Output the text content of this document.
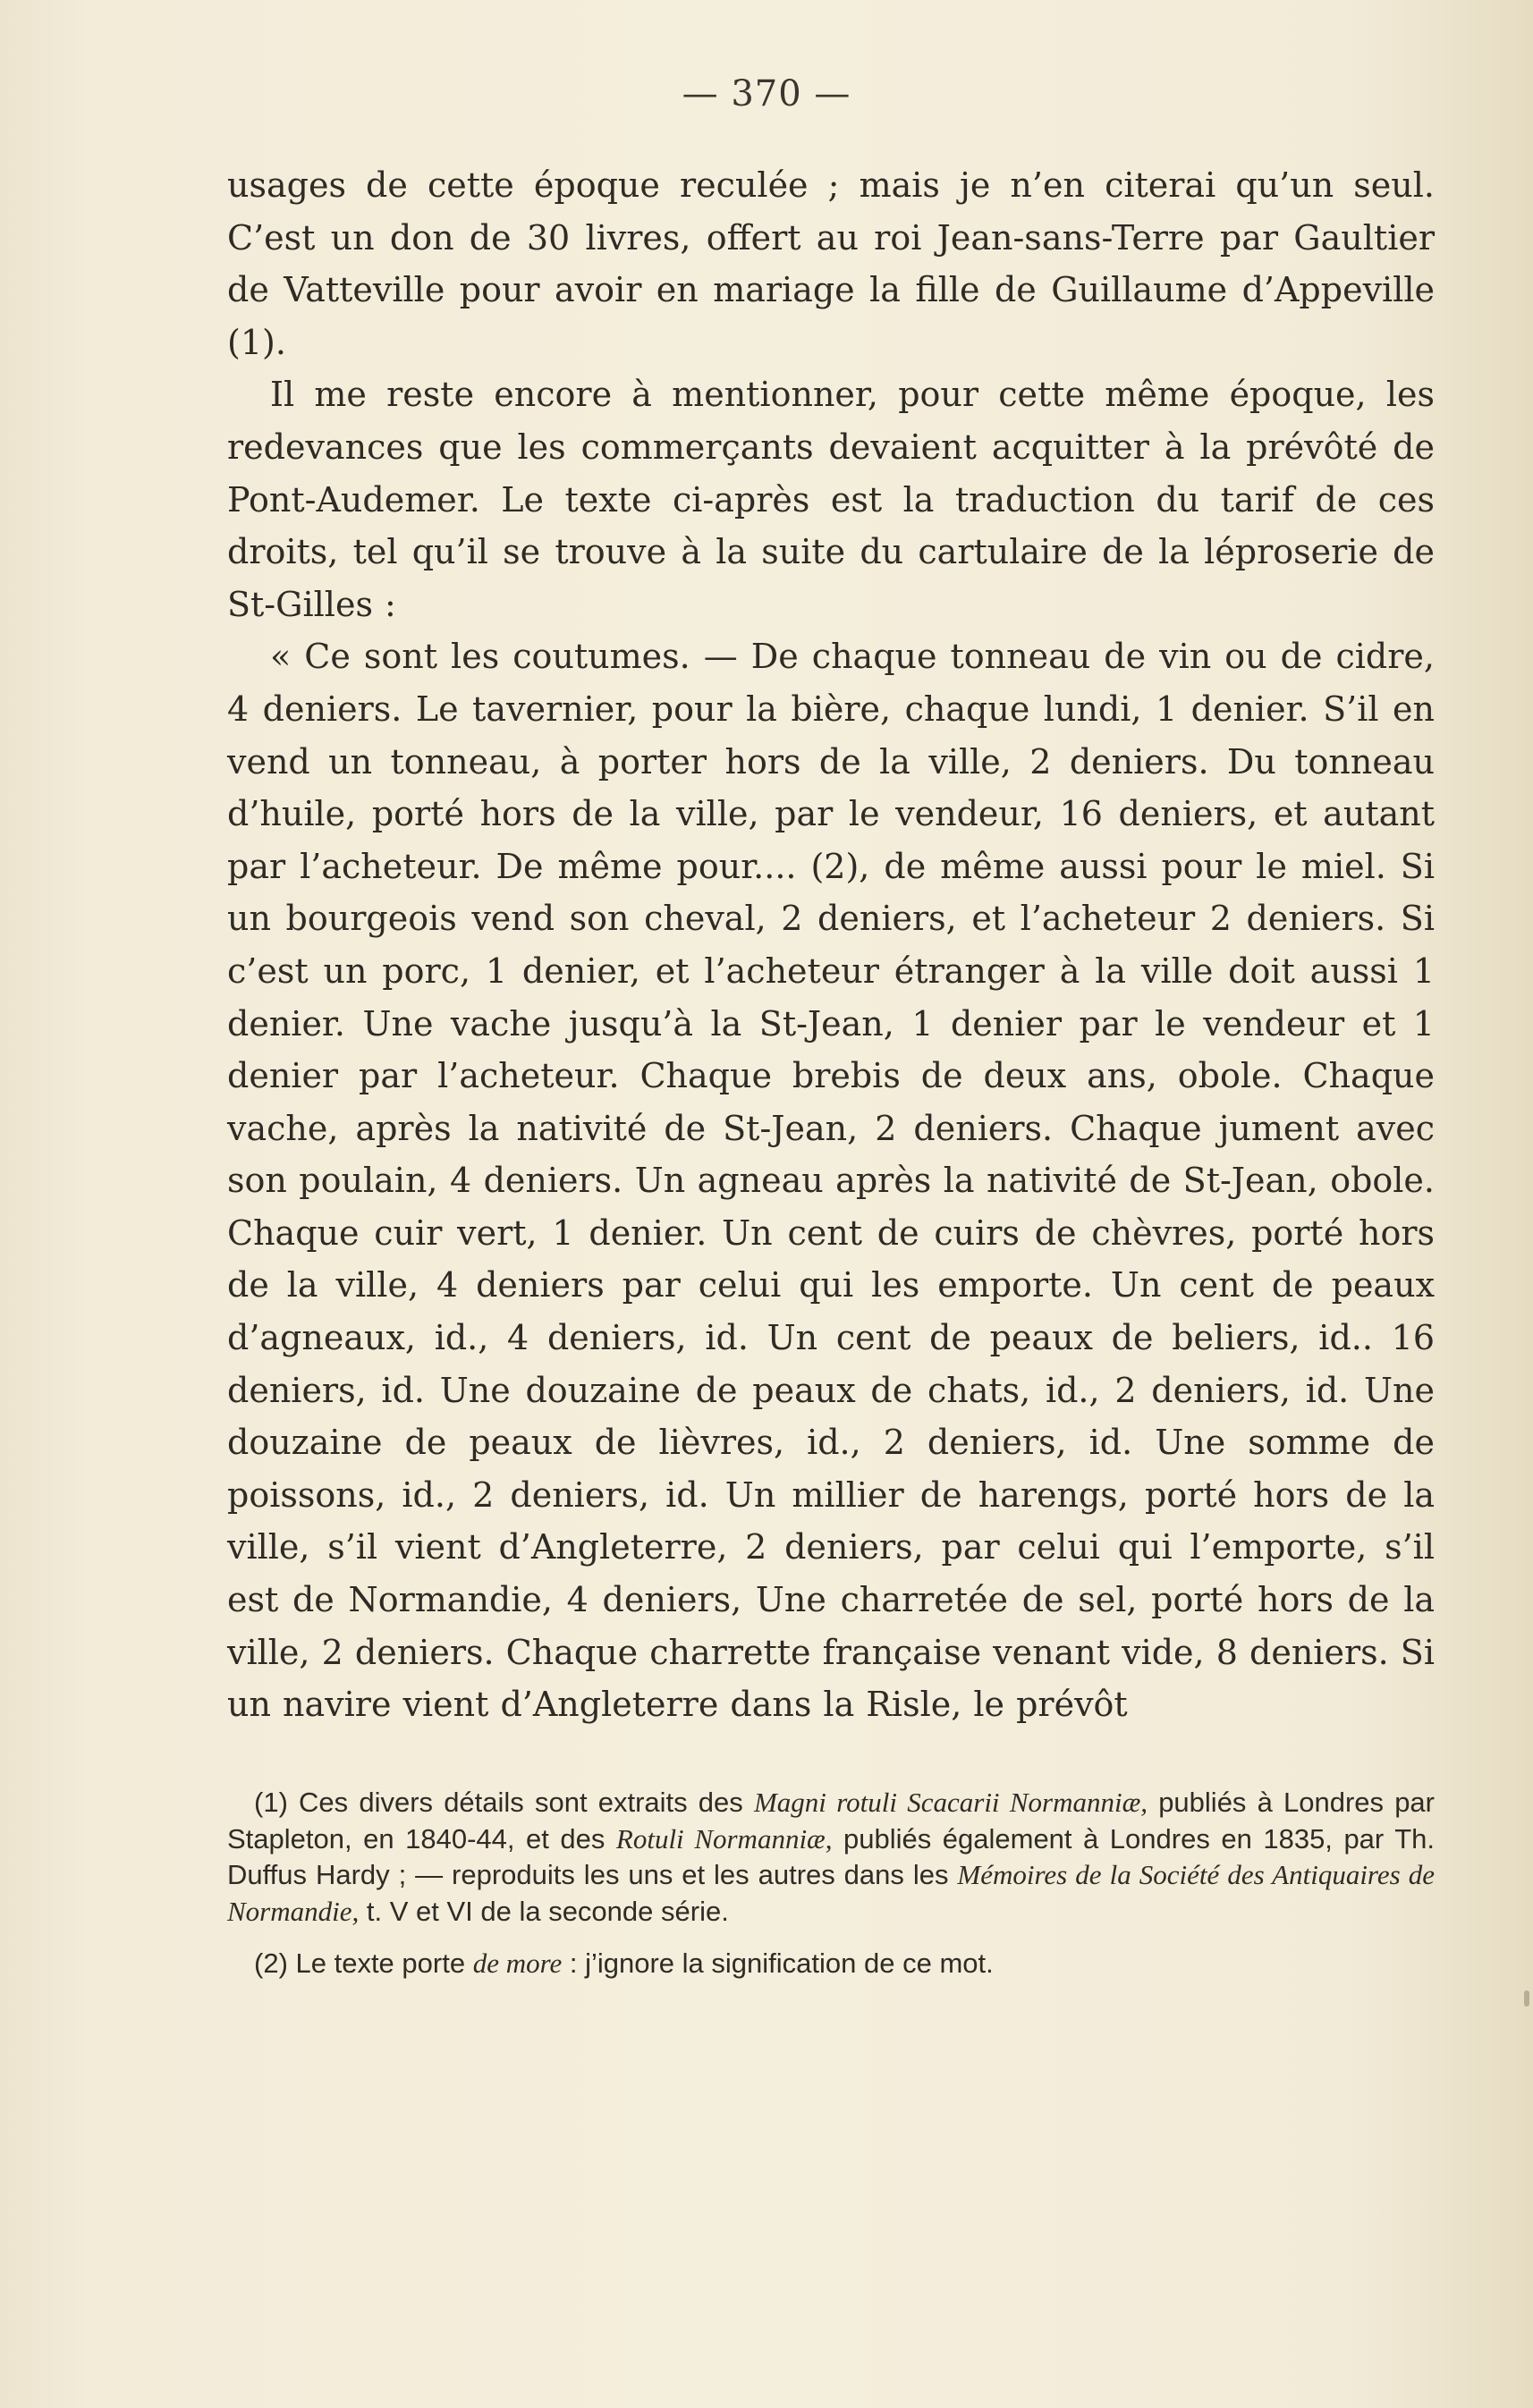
— 370 —

usages de cette époque reculée ; mais je n’en citerai qu’un seul. C’est un don de 30 livres, offert au roi Jean-sans-Terre par Gaultier de Vatteville pour avoir en mariage la fille de Guillaume d’Appeville (1).

Il me reste encore à mentionner, pour cette même époque, les redevances que les commerçants devaient acquitter à la prévôté de Pont-Audemer. Le texte ci-après est la traduction du tarif de ces droits, tel qu’il se trouve à la suite du cartulaire de la léproserie de St-Gilles :

« Ce sont les coutumes. — De chaque tonneau de vin ou de cidre, 4 deniers. Le tavernier, pour la bière, chaque lundi, 1 denier. S’il en vend un tonneau, à porter hors de la ville, 2 deniers. Du tonneau d’huile, porté hors de la ville, par le vendeur, 16 deniers, et autant par l’acheteur. De même pour.... (2), de même aussi pour le miel. Si un bourgeois vend son cheval, 2 deniers, et l’acheteur 2 deniers. Si c’est un porc, 1 denier, et l’acheteur étranger à la ville doit aussi 1 denier. Une vache jusqu’à la St-Jean, 1 denier par le vendeur et 1 denier par l’acheteur. Chaque brebis de deux ans, obole. Chaque vache, après la nativité de St-Jean, 2 deniers. Chaque jument avec son poulain, 4 deniers. Un agneau après la nativité de St-Jean, obole. Chaque cuir vert, 1 denier. Un cent de cuirs de chèvres, porté hors de la ville, 4 deniers par celui qui les emporte. Un cent de peaux d’agneaux, id., 4 deniers, id. Un cent de peaux de beliers, id.. 16 deniers, id. Une douzaine de peaux de chats, id., 2 deniers, id. Une douzaine de peaux de lièvres, id., 2 deniers, id. Une somme de poissons, id., 2 deniers, id. Un millier de harengs, porté hors de la ville, s’il vient d’Angleterre, 2 deniers, par celui qui l’emporte, s’il est de Normandie, 4 deniers, Une charretée de sel, porté hors de la ville, 2 deniers. Chaque charrette française venant vide, 8 deniers. Si un navire vient d’Angleterre dans la Risle, le prévôt

(1) Ces divers détails sont extraits des Magni rotuli Scacarii Normanniæ, publiés à Londres par Stapleton, en 1840-44, et des Rotuli Normanniæ, publiés également à Londres en 1835, par Th. Duffus Hardy ; — reproduits les uns et les autres dans les Mémoires de la Société des Antiquaires de Normandie, t. V et VI de la seconde série.

(2) Le texte porte de more : j’ignore la signification de ce mot.
